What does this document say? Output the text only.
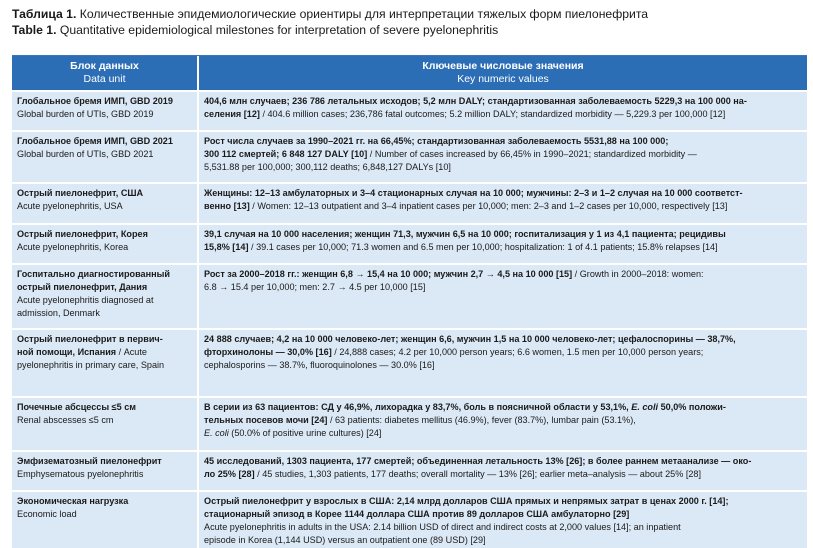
Таблица 1. Количественные эпидемиологические ориентиры для интерпретации тяжелых форм пиелонефрита
Table 1. Quantitative epidemiological milestones for interpretation of severe pyelonephritis
Блок данных
Data unit
Ключевые числовые значения
Key numeric values
Глобальное бремя ИМП, GBD 2019
Global burden of UTIs, GBD 2019
404,6 млн случаев; 236 786 летальных исходов; 5,2 млн DALY; стандартизованная заболеваемость 5229,3 на 100 000 на-
селения [12] / 404.6 million cases; 236,786 fatal outcomes; 5.2 million DALY; standardized morbidity — 5,229.3 per 100,000 [12]
Глобальное бремя ИМП, GBD 2021
Global burden of UTIs, GBD 2021
Рост числа случаев за 1990–2021 гг. на 66,45%; стандартизованная заболеваемость 5531,88 на 100 000;
300 112 смертей; 6 848 127 DALY [10] / Number of cases increased by 66,45% in 1990–2021; standardized morbidity —
5,531.88 per 100,000; 300,112 deaths; 6,848,127 DALYs [10]
Острый пиелонефрит, США
Acute pyelonephritis, USA
Женщины: 12–13 амбулаторных и 3–4 стационарных случая на 10 000; мужчины: 2–3 и 1–2 случая на 10 000 соответст-
венно [13] / Women: 12–13 outpatient and 3–4 inpatient cases per 10,000; men: 2–3 and 1–2 cases per 10,000, respectively [13]
Острый пиелонефрит, Корея
Acute pyelonephritis, Korea
39,1 случая на 10 000 населения; женщин 71,3, мужчин 6,5 на 10 000; госпитализация у 1 из 4,1 пациента; рецидивы
15,8% [14] / 39.1 cases per 10,000; 71.3 women and 6.5 men per 10,000; hospitalization: 1 of 4.1 patients; 15.8% relapses [14]
Госпитально диагностированный
острый пиелонефрит, Дания
Acute pyelonephritis diagnosed at
admission, Denmark
Рост за 2000–2018 гг.: женщин 6,8 → 15,4 на 10 000; мужчин 2,7 → 4,5 на 10 000 [15] / Growth in 2000–2018: women:
6.8 → 15.4 per 10,000; men: 2.7 → 4.5 per 10,000 [15]
Острый пиелонефрит в первич-
ной помощи, Испания / Acute
pyelonephritis in primary care, Spain
24 888 случаев; 4,2 на 10 000 человеко-лет; женщин 6,6, мужчин 1,5 на 10 000 человеко-лет; цефалоспорины — 38,7%,
фторхинолоны — 30,0% [16] / 24,888 cases; 4.2 per 10,000 person years; 6.6 women, 1.5 men per 10,000 person years;
cephalosporins — 38.7%, fluoroquinolones — 30.0% [16]
Почечные абсцессы ≤5 см
Renal abscesses ≤5 cm
В серии из 63 пациентов: СД у 46,9%, лихорадка у 83,7%, боль в поясничной области у 53,1%, E. coli 50,0% положи-
тельных посевов мочи [24] / 63 patients: diabetes mellitus (46.9%), fever (83.7%), lumbar pain (53.1%),
E. coli (50.0% of positive urine cultures) [24]
Эмфизематозный пиелонефрит
Emphysematous pyelonephritis
45 исследований, 1303 пациента, 177 смертей; объединенная летальность 13% [26]; в более раннем метаанализе — око-
ло 25% [28] / 45 studies, 1,303 patients, 177 deaths; overall mortality — 13% [26]; earlier meta–analysis — about 25% [28]
Экономическая нагрузка
Economic load
Острый пиелонефрит у взрослых в США: 2,14 млрд долларов США прямых и непрямых затрат в ценах 2000 г. [14];
стационарный эпизод в Корее 1144 доллара США против 89 долларов США амбулаторно [29]
Acute pyelonephritis in adults in the USA: 2.14 billion USD of direct and indirect costs at 2,000 values [14]; an inpatient
episode in Korea (1,144 USD) versus an outpatient one (89 USD) [29]
